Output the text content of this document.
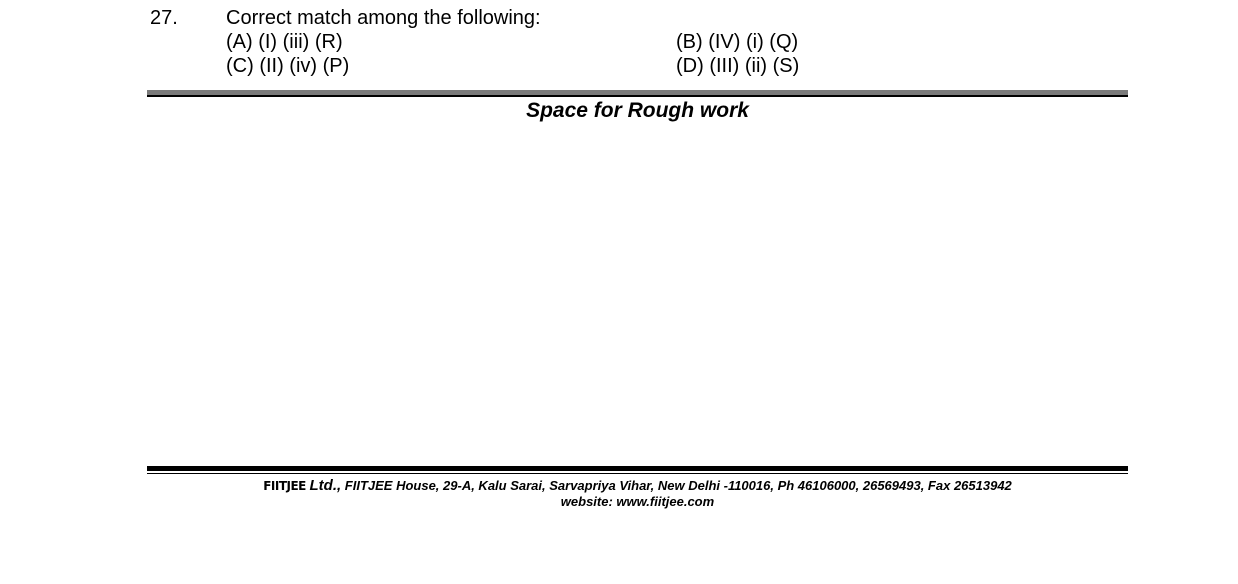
27. Correct match among the following:
(A) (I) (iii) (R)	(B) (IV) (i) (Q)
(C) (II) (iv) (P)	(D) (III) (ii) (S)
Space for Rough work
FIITJEE Ltd., FIITJEE House, 29-A, Kalu Sarai, Sarvapriya Vihar, New Delhi -110016, Ph 46106000, 26569493, Fax 26513942
website: www.fiitjee.com
